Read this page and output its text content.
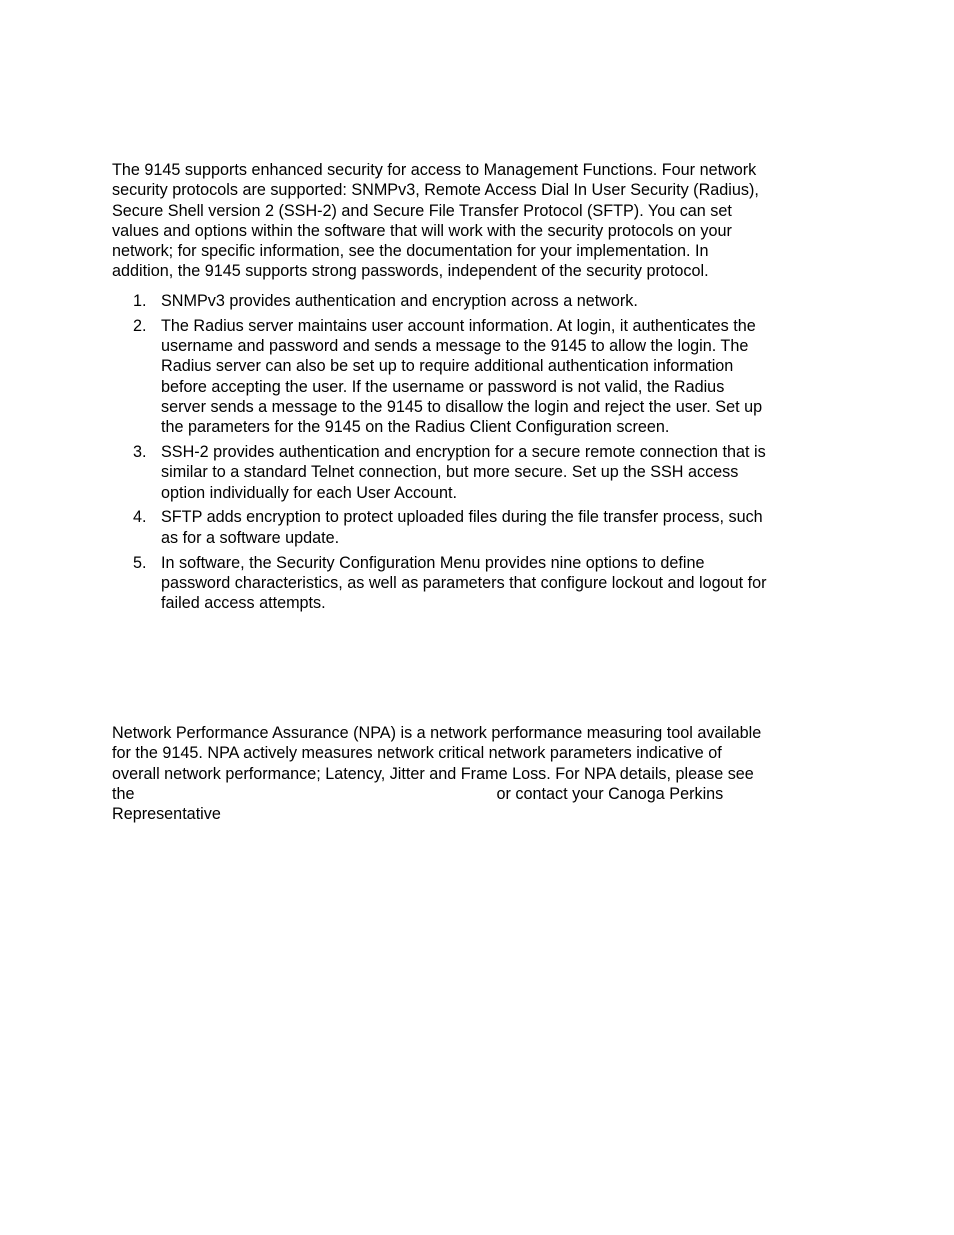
The 9145 supports enhanced security for access to Management Functions. Four network
security protocols are supported: SNMPv3, Remote Access Dial In User Security (Radius),
Secure Shell version 2 (SSH-2) and Secure File Transfer Protocol (SFTP). You can set
values and options within the software that will work with the security protocols on your
network; for specific information, see the documentation for your implementation. In
addition, the 9145 supports strong passwords, independent of the security protocol.

1. SNMPv3 provides authentication and encryption across a network.
2. The Radius server maintains user account information. At login, it authenticates the
username and password and sends a message to the 9145 to allow the login. The
Radius server can also be set up to require additional authentication information
before accepting the user. If the username or password is not valid, the Radius
server sends a message to the 9145 to disallow the login and reject the user. Set up
the parameters for the 9145 on the Radius Client Configuration screen.
3. SSH-2 provides authentication and encryption for a secure remote connection that is
similar to a standard Telnet connection, but more secure. Set up the SSH access
option individually for each User Account.
4. SFTP adds encryption to protect uploaded files during the file transfer process, such
as for a software update.
5. In software, the Security Configuration Menu provides nine options to define
password characteristics, as well as parameters that configure lockout and logout for
failed access attempts.

Network Performance Assurance (NPA) is a network performance measuring tool available
for the 9145. NPA actively measures network critical network parameters indicative of
overall network performance; Latency, Jitter and Frame Loss. For NPA details, please see
the	or contact your Canoga Perkins
Representative
